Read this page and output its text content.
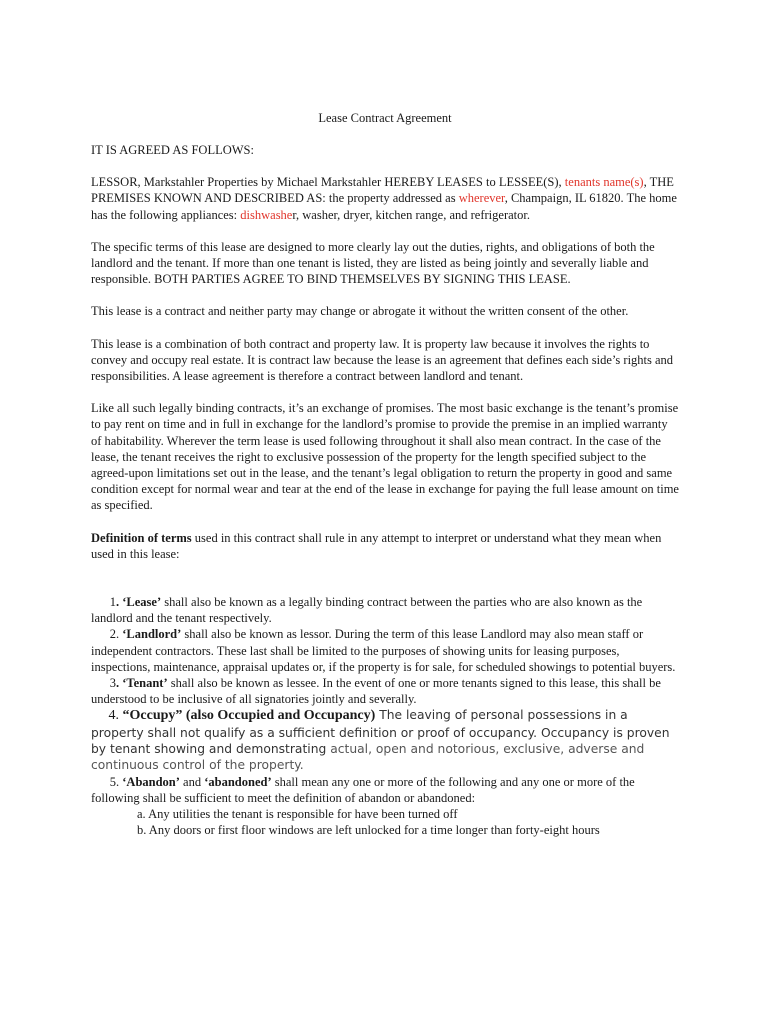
Lease Contract Agreement

IT IS AGREED AS FOLLOWS:

LESSOR, Markstahler Properties by Michael Markstahler HEREBY LEASES to LESSEE(S), tenants name(s), THE PREMISES KNOWN AND DESCRIBED AS: the property addressed as wherever, Champaign, IL 61820. The home has the following appliances: dishwasher, washer, dryer, kitchen range, and refrigerator.

The specific terms of this lease are designed to more clearly lay out the duties, rights, and obligations of both the landlord and the tenant. If more than one tenant is listed, they are listed as being jointly and severally liable and responsible. BOTH PARTIES AGREE TO BIND THEMSELVES BY SIGNING THIS LEASE.

This lease is a contract and neither party may change or abrogate it without the written consent of the other.

This lease is a combination of both contract and property law. It is property law because it involves the rights to convey and occupy real estate. It is contract law because the lease is an agreement that defines each side’s rights and responsibilities. A lease agreement is therefore a contract between landlord and tenant.

Like all such legally binding contracts, it’s an exchange of promises. The most basic exchange is the tenant’s promise to pay rent on time and in full in exchange for the landlord’s promise to provide the premise in an implied warranty of habitability. Wherever the term lease is used following throughout it shall also mean contract. In the case of the lease, the tenant receives the right to exclusive possession of the property for the length specified subject to the agreed-upon limitations set out in the lease, and the tenant’s legal obligation to return the property in good and same condition except for normal wear and tear at the end of the lease in exchange for paying the full lease amount on time as specified.

Definition of terms used in this contract shall rule in any attempt to interpret or understand what they mean when used in this lease:

1. ‘Lease’ shall also be known as a legally binding contract between the parties who are also known as the landlord and the tenant respectively.

2. ‘Landlord’ shall also be known as lessor. During the term of this lease Landlord may also mean staff or independent contractors. These last shall be limited to the purposes of showing units for leasing purposes, inspections, maintenance, appraisal updates or, if the property is for sale, for scheduled showings to potential buyers.

3. ‘Tenant’ shall also be known as lessee. In the event of one or more tenants signed to this lease, this shall be understood to be inclusive of all signatories jointly and severally.

4. “Occupy” (also Occupied and Occupancy) The leaving of personal possessions in a property shall not qualify as a sufficient definition or proof of occupancy. Occupancy is proven by tenant showing and demonstrating actual, open and notorious, exclusive, adverse and continuous control of the property.

5. ‘Abandon’ and ‘abandoned’ shall mean any one or more of the following and any one or more of the following shall be sufficient to meet the definition of abandon or abandoned:

a. Any utilities the tenant is responsible for have been turned off

b. Any doors or first floor windows are left unlocked for a time longer than forty-eight hours
